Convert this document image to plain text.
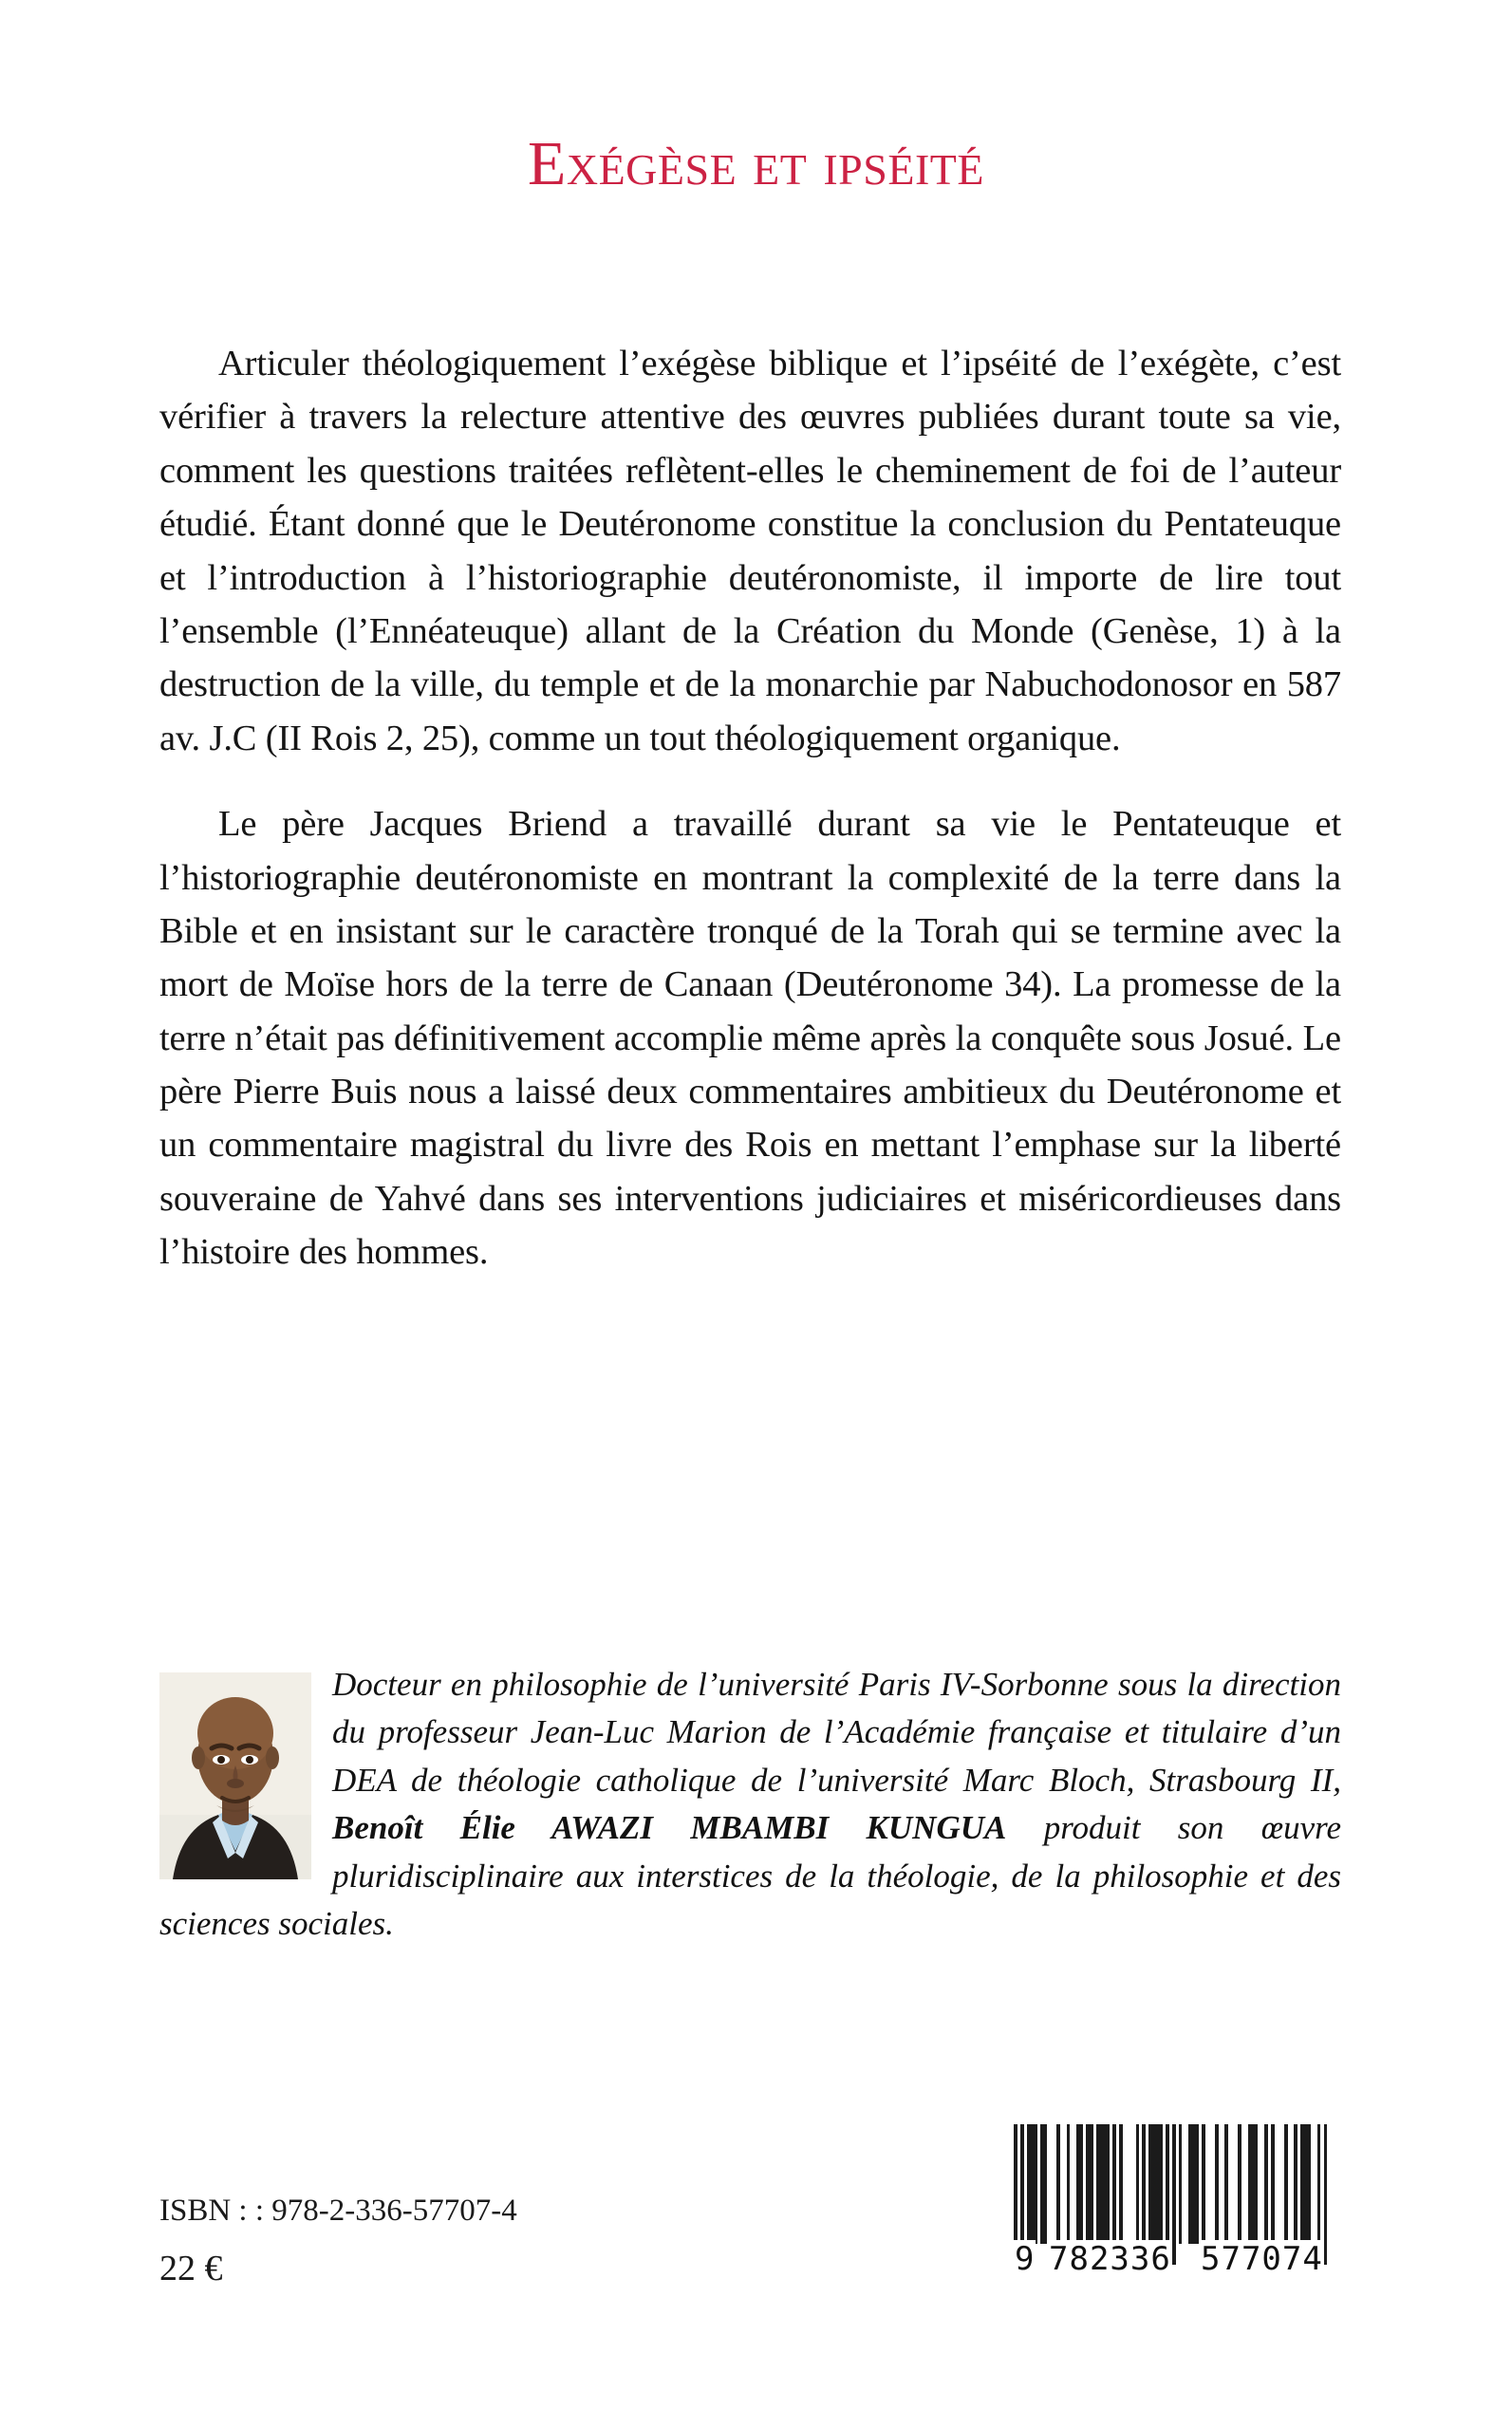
Exégèse et ipséité

Articuler théologiquement l’exégèse biblique et l’ipséité de l’exégète, c’est vérifier à travers la relecture attentive des œuvres publiées durant toute sa vie, comment les questions traitées reflètent-elles le cheminement de foi de l’auteur étudié. Étant donné que le Deutéronome constitue la conclusion du Pentateuque et l’introduction à l’historiographie deutéronomiste, il importe de lire tout l’ensemble (l’Ennéateuque) allant de la Création du Monde (Genèse, 1) à la destruction de la ville, du temple et de la monarchie par Nabuchodonosor en 587 av. J.C (II Rois 2, 25), comme un tout théologiquement organique.

Le père Jacques Briend a travaillé durant sa vie le Pentateuque et l’historiographie deutéronomiste en montrant la complexité de la terre dans la Bible et en insistant sur le caractère tronqué de la Torah qui se termine avec la mort de Moïse hors de la terre de Canaan (Deutéronome 34). La promesse de la terre n’était pas définitivement accomplie même après la conquête sous Josué. Le père Pierre Buis nous a laissé deux commentaires ambitieux du Deutéronome et un commentaire magistral du livre des Rois en mettant l’emphase sur la liberté souveraine de Yahvé dans ses interventions judiciaires et miséricordieuses dans l’histoire des hommes.

Docteur en philosophie de l’université Paris IV-Sorbonne sous la direction du professeur Jean-Luc Marion de l’Académie française et titulaire d’un DEA de théologie catholique de l’université Marc Bloch, Strasbourg II, Benoît Élie AWAZI MBAMBI KUNGUA produit son œuvre pluridisciplinaire aux interstices de la théologie, de la philosophie et des sciences sociales.
ISBN : : 978-2-336-57707-4
22 €	9 782336 577074
